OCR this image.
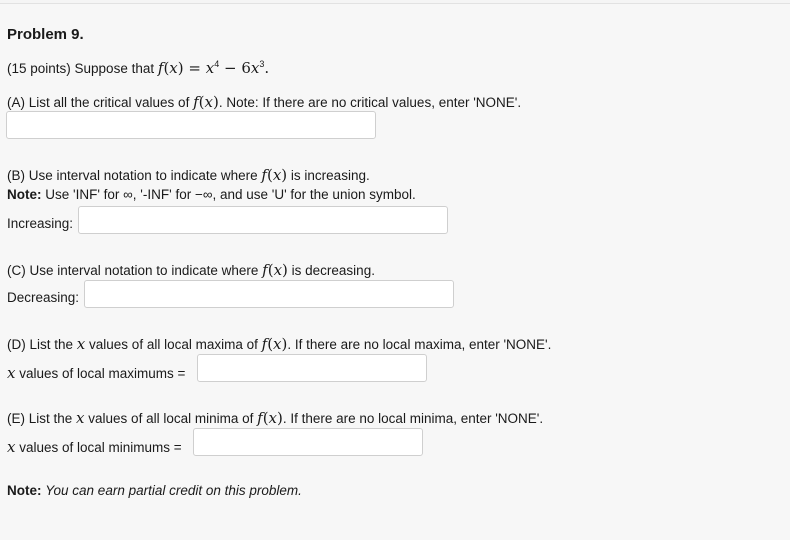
Problem 9.
(15 points) Suppose that $f(x) = x^4 - 6x^3$.
(A) List all the critical values of f(x). Note: If there are no critical values, enter 'NONE'.
(B) Use interval notation to indicate where f(x) is increasing.
Note: Use 'INF' for ∞, '-INF' for −∞, and use 'U' for the union symbol.
Increasing:
(C) Use interval notation to indicate where f(x) is decreasing.
Decreasing:
(D) List the x values of all local maxima of f(x). If there are no local maxima, enter 'NONE'.
x values of local maximums =
(E) List the x values of all local minima of f(x). If there are no local minima, enter 'NONE'.
x values of local minimums =
Note: You can earn partial credit on this problem.
